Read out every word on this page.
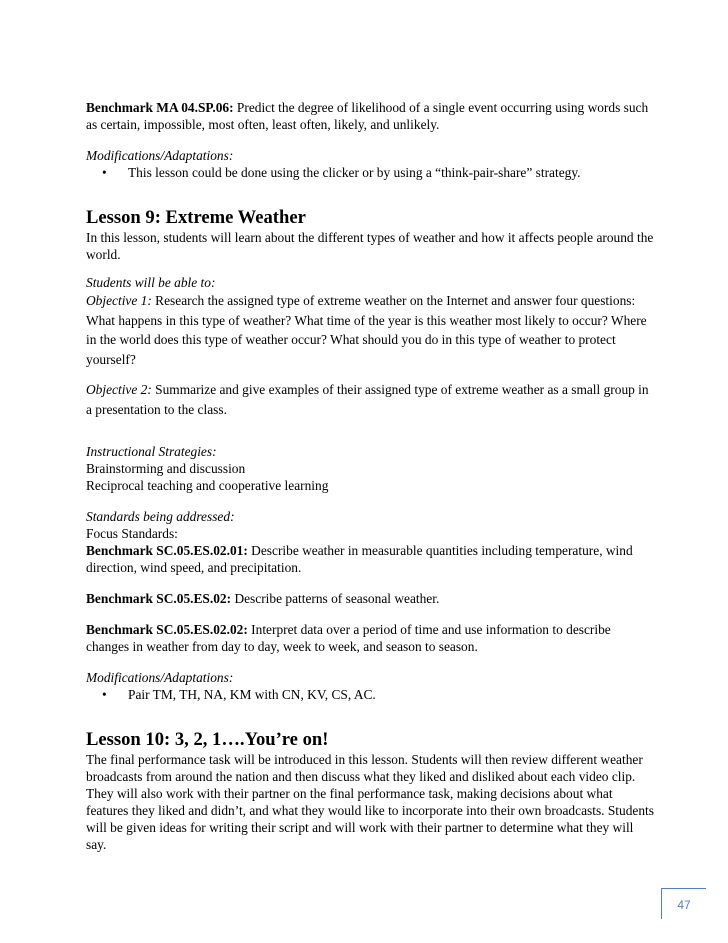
Benchmark MA 04.SP.06: Predict the degree of likelihood of a single event occurring using words such as certain, impossible, most often, least often, likely, and unlikely.

Modifications/Adaptations:

• This lesson could be done using the clicker or by using a “think-pair-share” strategy.

Lesson 9: Extreme Weather

In this lesson, students will learn about the different types of weather and how it affects people around the world.

Students will be able to:

Objective 1: Research the assigned type of extreme weather on the Internet and answer four questions: What happens in this type of weather? What time of the year is this weather most likely to occur? Where in the world does this type of weather occur? What should you do in this type of weather to protect yourself?

Objective 2: Summarize and give examples of their assigned type of extreme weather as a small group in a presentation to the class.

Instructional Strategies:

Brainstorming and discussion

Reciprocal teaching and cooperative learning

Standards being addressed:

Focus Standards:

Benchmark SC.05.ES.02.01: Describe weather in measurable quantities including temperature, wind direction, wind speed, and precipitation.

Benchmark SC.05.ES.02: Describe patterns of seasonal weather.

Benchmark SC.05.ES.02.02: Interpret data over a period of time and use information to describe changes in weather from day to day, week to week, and season to season.

Modifications/Adaptations:

• Pair TM, TH, NA, KM with CN, KV, CS, AC.

Lesson 10: 3, 2, 1….You’re on!

The final performance task will be introduced in this lesson. Students will then review different weather broadcasts from around the nation and then discuss what they liked and disliked about each video clip. They will also work with their partner on the final performance task, making decisions about what features they liked and didn’t, and what they would like to incorporate into their own broadcasts. Students will be given ideas for writing their script and will work with their partner to determine what they will say.

47
